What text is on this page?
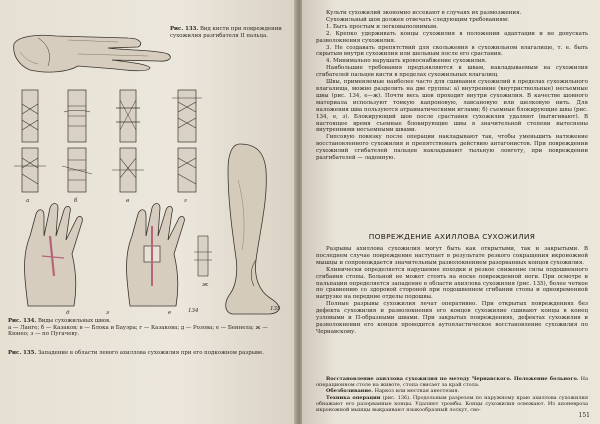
Рис. 133. Вид кисти при повреждении сухожилия разгибателя II пальца.
а	б	в	г
д	е
ж
з	134	135
Рис. 134. Виды сухожильных швов.
а — Ланге; б — Казаков; в — Блока и Бауэра; г — Казакова; д — Розова; е — Беннела; ж — Кюнео; з — по Пугачеву.
Рис. 135. Западение в области левого ахиллова сухожилия при его подкожном разрыве.

Культи сухожилий экономно иссекают в случаях их размозжения.

Сухожильный шов должен отвечать следующим требованиям:

1. Быть простым и легковыполнимым.

2. Крепко удерживать концы сухожилия в положении адаптации и не допускать разволокнения сухожилия.

3. Не создавать препятствий для скольжения в сухожильном влагалище, т. е. быть скрытым внутри сухожилия или шельным после его срастания.

4. Минимально нарушать кровоснабжение сухожилия.

Наибольшие требования предъявляются к швам, накладываемым на сухожилия сгибателей пальцев кисти в пределах сухожильных влагалищ.

Швы, применяемые наиболее часто для сшивания сухожилий в пределах сухожильного влагалища, можно разделить на две группы: а) внутренние (внутриствольные) несъемные швы (рис. 134, е—ж). Почти весь шов проходит внутри сухожилия. В качестве шовного материала используют тонкую капроновую, лавсановую или шелковую нить. Для наложения шва пользуются атравматическими иглами; б) съемные блокирующие швы (рис. 134, е, з). Блокирующий шов после срастания сухожилия удаляют (вытягивают). В настоящее время съемные блокирующие швы в значительной степени вытеснены внутренними несъемными швами.

Гипсовую повязку после операции накладывают так, чтобы уменьшить натяжение восстановленного сухожилия и препятствовать действию антагонистов. При повреждении сухожилий сгибателей пальцев накладывают тыльную лонгету, при повреждении разгибателей — ладонную.

ПОВРЕЖДЕНИЕ АХИЛЛОВА СУХОЖИЛИЯ

Разрывы ахиллова сухожилия могут быть как открытыми, так и закрытыми. В последнем случае повреждение наступает в результате резкого сокращения икроножной мышцы и сопровождается значительным разволокнением разорванных концов сухожилия.

Клинически определяется нарушение походки и резкое снижение силы подошвенного сгибания стопы. Больной не может стоять на носке поврежденной ноги. При осмотре и пальпации определяется западение в области ахиллова сухожилия (рис. 135), более четкое по сравнению со здоровой стороной при подошвенном сгибании стопы и одновременной нагрузке на передние отделы подошвы.

Полные разрывы сухожилия лечат оперативно. При открытых повреждениях без дефекта сухожилия и разволокнения его концов сухожилие сшивают концы в конец узловыми и П-образными швами. При закрытых повреждениях, дефектах сухожилия и разволокнении его концов проводится аутопластическое восстановление сухожилия по Чернавскому.

Восстановление ахиллова сухожилия по методу Чернавского. Положение больного. На операционном столе на животе, стопа свисает за край стола.

Обезболивание. Наркоз или местная анестезия.

Техника операции (рис. 136). Продольным разрезом по наружному краю ахиллова сухожилия обнажают его разорванные концы. Удаляют тромбы. Концы сухожилия освежают. Из апоневроза икроножной мышцы выкраивают языкообразный лоскут, сво-

151
